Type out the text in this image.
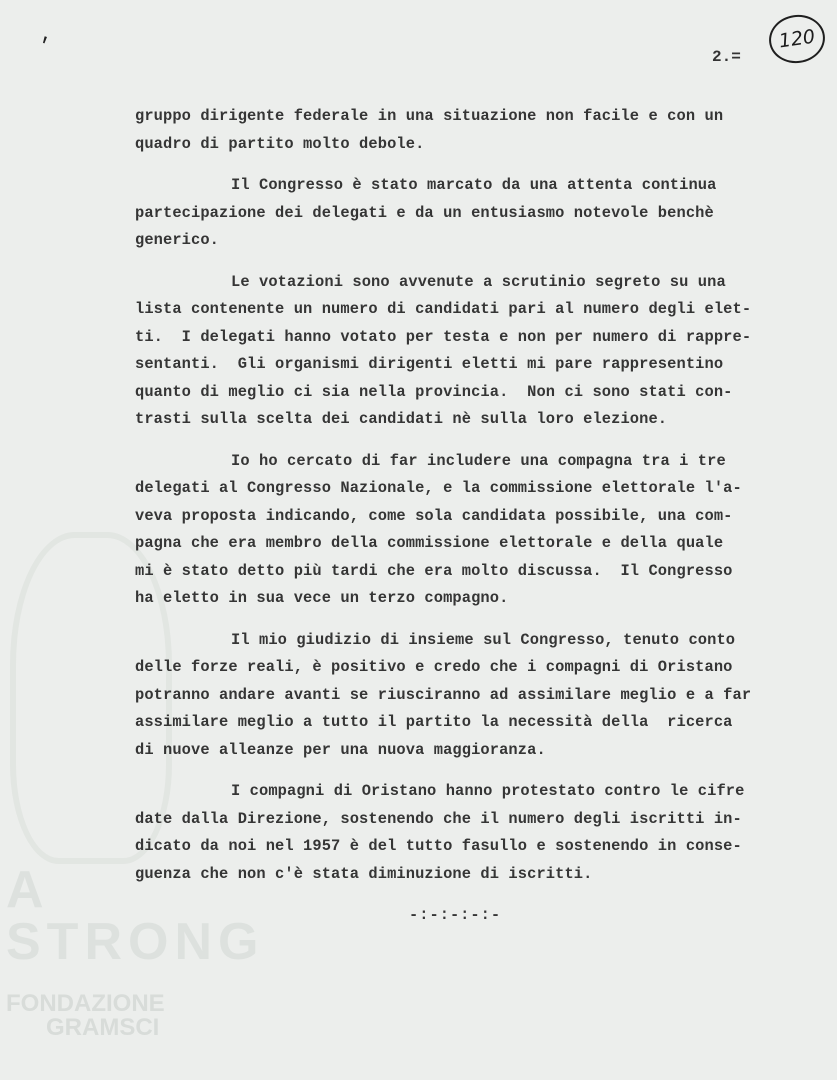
'	2.=
120
A STRONG
FONDAZIONE
GRAMSCI
gruppo dirigente federale in una situazione non facile e con un
quadro di partito molto debole.
Il Congresso è stato marcato da una attenta continua
partecipazione dei delegati e da un entusiasmo notevole benchè
generico.
Le votazioni sono avvenute a scrutinio segreto su una
lista contenente un numero di candidati pari al numero degli elet-
ti.  I delegati hanno votato per testa e non per numero di rappre-
sentanti.  Gli organismi dirigenti eletti mi pare rappresentino
quanto di meglio ci sia nella provincia.  Non ci sono stati con-
trasti sulla scelta dei candidati nè sulla loro elezione.
Io ho cercato di far includere una compagna tra i tre
delegati al Congresso Nazionale, e la commissione elettorale l'a-
veva proposta indicando, come sola candidata possibile, una com-
pagna che era membro della commissione elettorale e della quale
mi è stato detto più tardi che era molto discussa.  Il Congresso
ha eletto in sua vece un terzo compagno.
Il mio giudizio di insieme sul Congresso, tenuto conto
delle forze reali, è positivo e credo che i compagni di Oristano
potranno andare avanti se riusciranno ad assimilare meglio e a far
assimilare meglio a tutto il partito la necessità della  ricerca
di nuove alleanze per una nuova maggioranza.
I compagni di Oristano hanno protestato contro le cifre
date dalla Direzione, sostenendo che il numero degli iscritti in-
dicato da noi nel 1957 è del tutto fasullo e sostenendo in conse-
guenza che non c'è stata diminuzione di iscritti.
-:-:-:-:-
